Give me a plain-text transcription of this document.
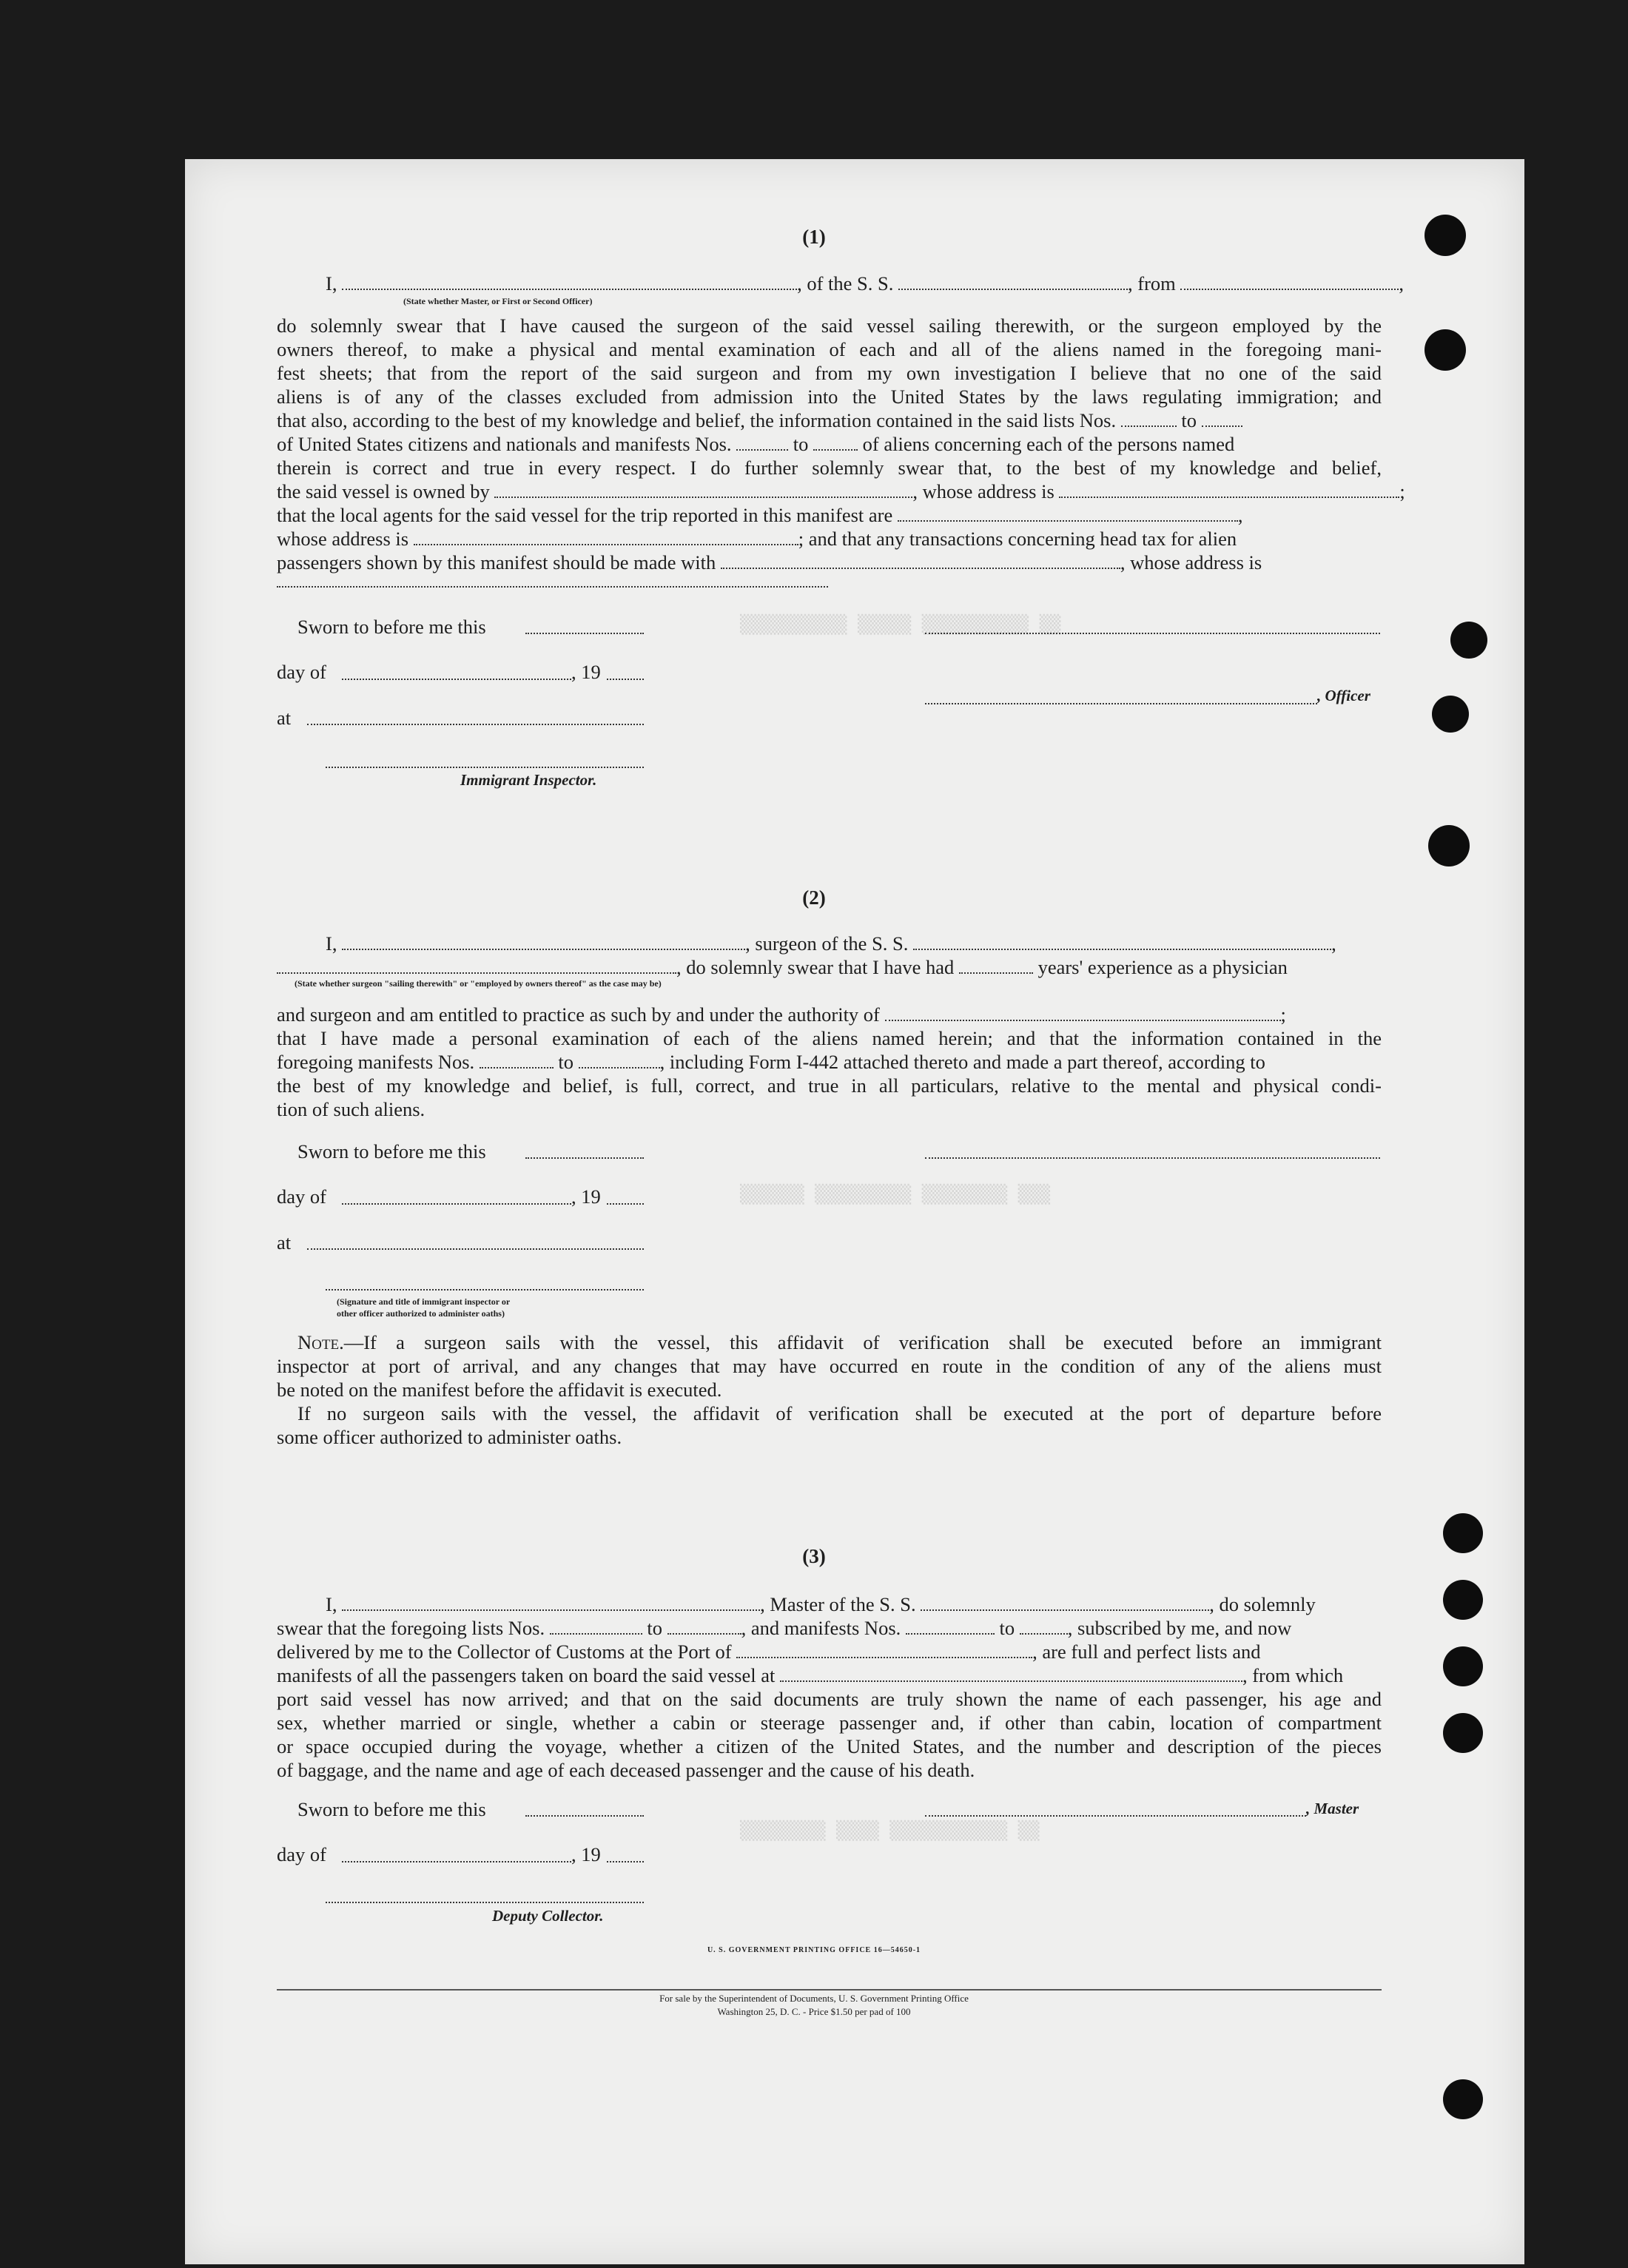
▒▒▒▒▒▒▒▒▒▒ ▒▒▒▒▒ ▒▒▒▒▒▒▒▒▒▒ ▒▒
▒▒▒▒▒▒ ▒▒▒▒▒▒▒▒▒ ▒▒▒▒▒▒▒▒ ▒▒▒
▒▒▒▒▒▒▒▒ ▒▒▒▒ ▒▒▒▒▒▒▒▒▒▒▒ ▒▒
(1)
I,	, of the S. S.	, from	,
(State whether Master, or First or Second Officer)
do solemnly swear that I have caused the surgeon of the said vessel sailing therewith, or the surgeon employed by the
owners thereof, to make a physical and mental examination of each and all of the aliens named in the foregoing mani-
fest sheets; that from the report of the said surgeon and from my own investigation I believe that no one of the said
aliens is of any of the classes excluded from admission into the United States by the laws regulating immigration; and
that also, according to the best of my knowledge and belief, the information contained in the said lists Nos.	to
of United States citizens and nationals and manifests Nos.	to	of aliens concerning each of the persons named
therein is correct and true in every respect. I do further solemnly swear that, to the best of my knowledge and belief,
the said vessel is owned by	, whose address is	;
that the local agents for the said vessel for the trip reported in this manifest are	,
whose address is	; and that any transactions concerning head tax for alien
passengers shown by this manifest should be made with	, whose address is
Sworn to before me this
day of	, 19
, Officer
at
Immigrant Inspector.
(2)
I,	, surgeon of the S. S.	,
, do solemnly swear that I have had	years' experience as a physician
(State whether surgeon "sailing therewith" or "employed by owners thereof" as the case may be)
and surgeon and am entitled to practice as such by and under the authority of	;
that I have made a personal examination of each of the aliens named herein; and that the information contained in the
foregoing manifests Nos.	to	, including Form I-442 attached thereto and made a part thereof, according to
the best of my knowledge and belief, is full, correct, and true in all particulars, relative to the mental and physical condi-
tion of such aliens.
Sworn to before me this
day of	, 19
at
(Signature and title of immigrant inspector or
other officer authorized to administer oaths)
Note.—If a surgeon sails with the vessel, this affidavit of verification shall be executed before an immigrant
inspector at port of arrival, and any changes that may have occurred en route in the condition of any of the aliens must
be noted on the manifest before the affidavit is executed.
If no surgeon sails with the vessel, the affidavit of verification shall be executed at the port of departure before
some officer authorized to administer oaths.
(3)
I,	, Master of the S. S.	, do solemnly
swear that the foregoing lists Nos.	to	, and manifests Nos.	to	, subscribed by me, and now
delivered by me to the Collector of Customs at the Port of	, are full and perfect lists and
manifests of all the passengers taken on board the said vessel at	, from which
port said vessel has now arrived; and that on the said documents are truly shown the name of each passenger, his age and
sex, whether married or single, whether a cabin or steerage passenger and, if other than cabin, location of compartment
or space occupied during the voyage, whether a citizen of the United States, and the number and description of the pieces
of baggage, and the name and age of each deceased passenger and the cause of his death.
Sworn to before me this	, Master
day of	, 19
Deputy Collector.
U. S. GOVERNMENT PRINTING OFFICE 16—54650-1
For sale by the Superintendent of Documents, U. S. Government Printing Office
Washington 25, D. C. - Price $1.50 per pad of 100
